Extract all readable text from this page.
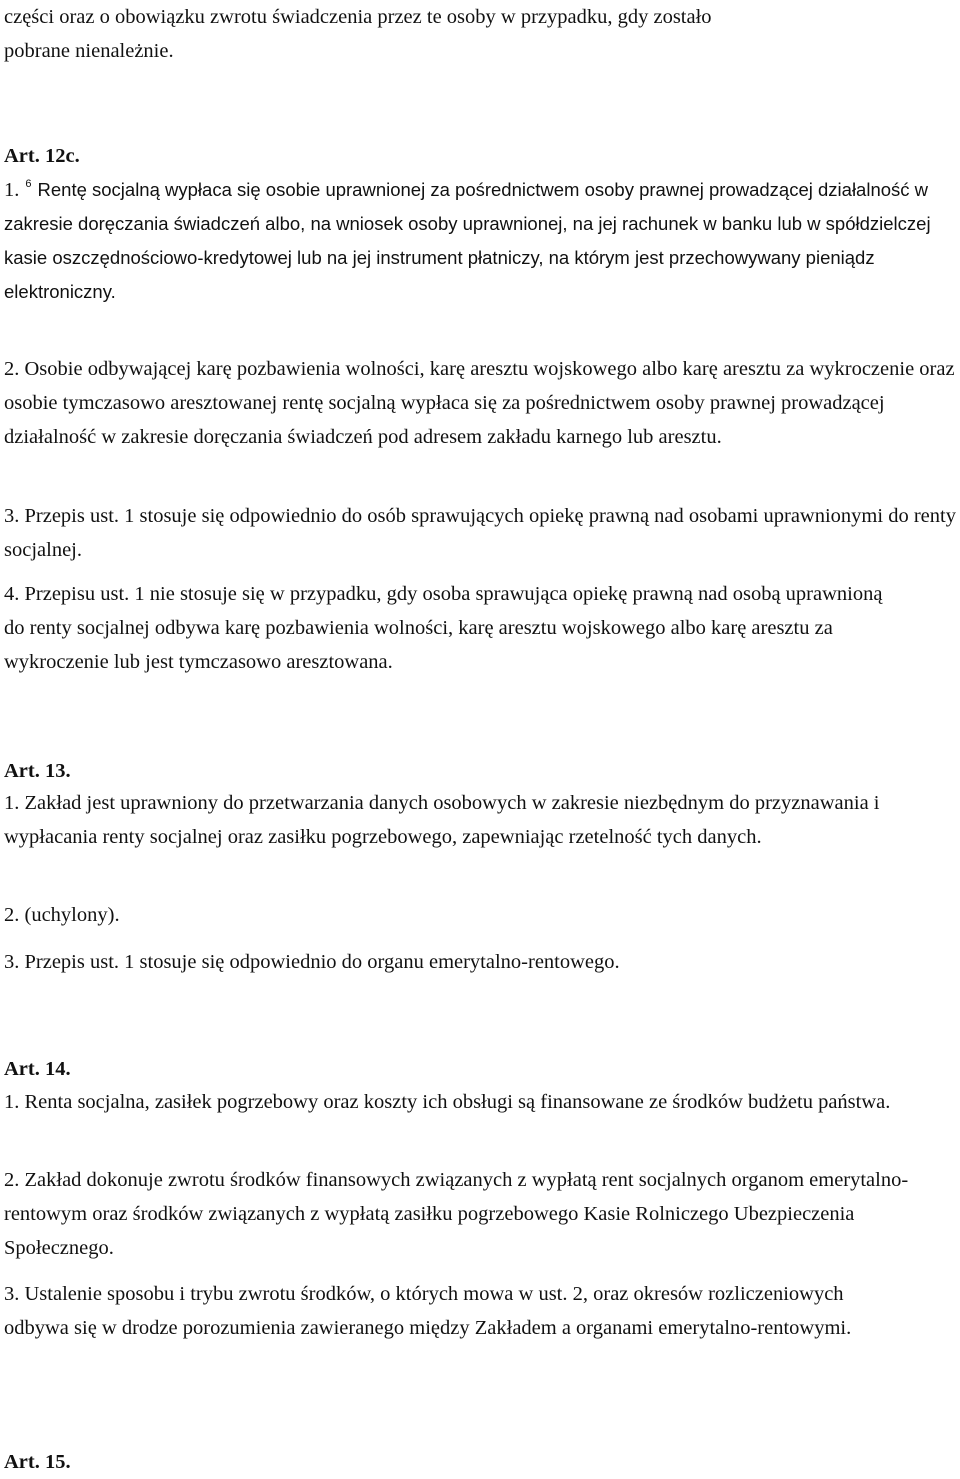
części oraz o obowiązku zwrotu świadczenia przez te osoby w przypadku, gdy zostało

pobrane nienależnie.

Art. 12c.

1. $^6$ Rentę socjalną wypłaca się osobie uprawnionej za pośrednictwem osoby prawnej prowadzącej działalność w zakresie doręczania świadczeń albo, na wniosek osoby uprawnionej, na jej rachunek w banku lub w spółdzielczej kasie oszczędnościowo-kredytowej lub na jej instrument płatniczy, na którym jest przechowywany pieniądz elektroniczny.

2. Osobie odbywającej karę pozbawienia wolności, karę aresztu wojskowego albo karę aresztu za wykroczenie oraz osobie tymczasowo aresztowanej rentę socjalną wypłaca się za pośrednictwem osoby prawnej prowadzącej działalność w zakresie doręczania świadczeń pod adresem zakładu karnego lub aresztu.

3. Przepis ust. 1 stosuje się odpowiednio do osób sprawujących opiekę prawną nad osobami uprawnionymi do renty socjalnej.

4. Przepisu ust. 1 nie stosuje się w przypadku, gdy osoba sprawująca opiekę prawną nad osobą uprawnioną do renty socjalnej odbywa karę pozbawienia wolności, karę aresztu wojskowego albo karę aresztu za wykroczenie lub jest tymczasowo aresztowana.

Art. 13.

1. Zakład jest uprawniony do przetwarzania danych osobowych w zakresie niezbędnym do przyznawania i wypłacania renty socjalnej oraz zasiłku pogrzebowego, zapewniając rzetelność tych danych.

2. (uchylony).

3. Przepis ust. 1 stosuje się odpowiednio do organu emerytalno-rentowego.

Art. 14.

1. Renta socjalna, zasiłek pogrzebowy oraz koszty ich obsługi są finansowane ze środków budżetu państwa.

2. Zakład dokonuje zwrotu środków finansowych związanych z wypłatą rent socjalnych organom emerytalno-rentowym oraz środków związanych z wypłatą zasiłku pogrzebowego Kasie Rolniczego Ubezpieczenia Społecznego.

3. Ustalenie sposobu i trybu zwrotu środków, o których mowa w ust. 2, oraz okresów rozliczeniowych odbywa się w drodze porozumienia zawieranego między Zakładem a organami emerytalno-rentowymi.

Art. 15.
